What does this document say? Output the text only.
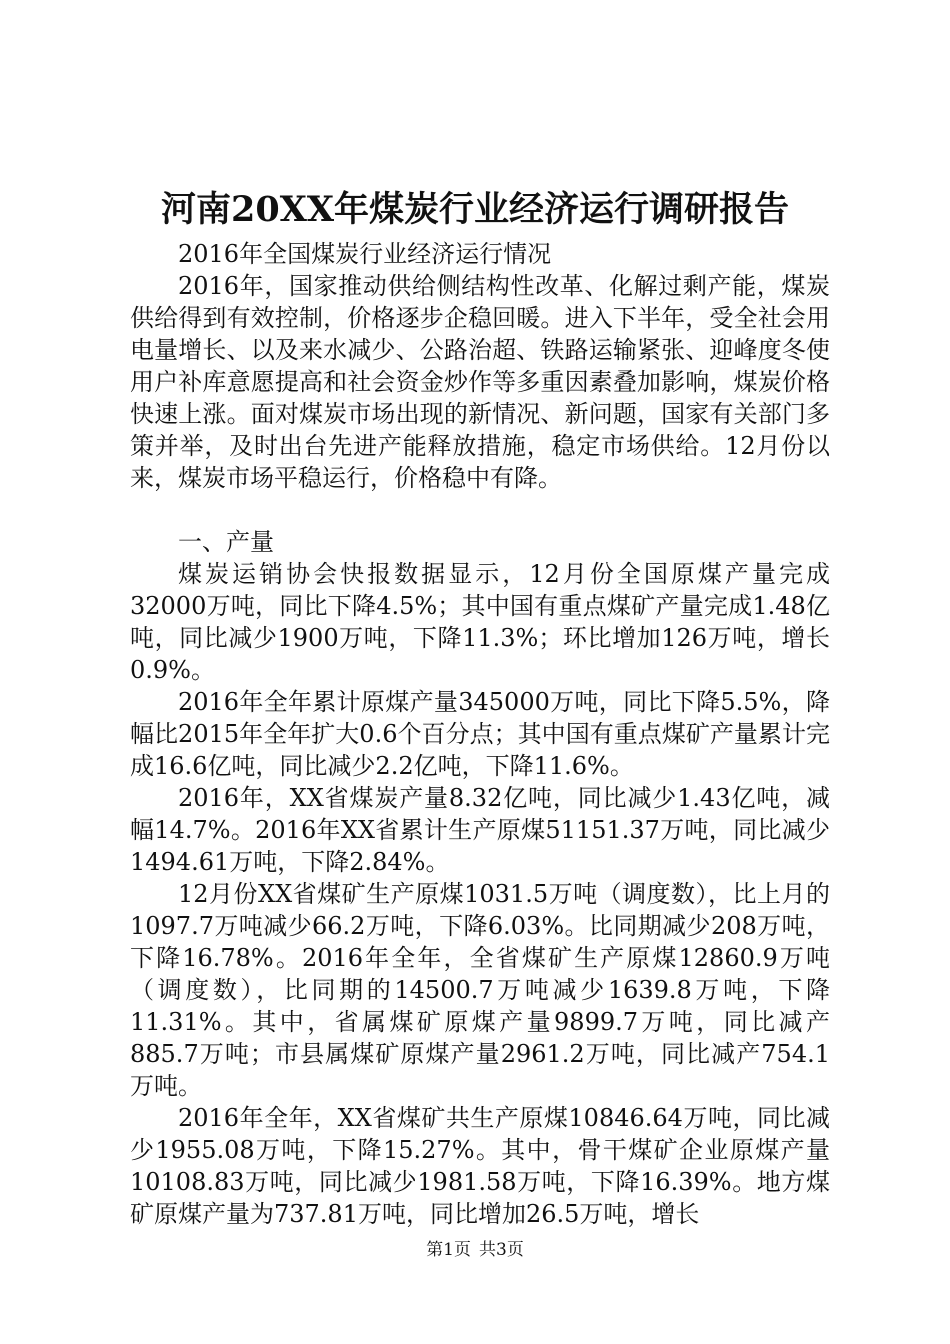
河南20XX年煤炭行业经济运行调研报告

2016年全国煤炭行业经济运行情况

2016年，国家推动供给侧结构性改革、化解过剩产能，煤炭供给得到有效控制，价格逐步企稳回暖。进入下半年，受全社会用电量增长、以及来水减少、公路治超、铁路运输紧张、迎峰度冬使用户补库意愿提高和社会资金炒作等多重因素叠加影响，煤炭价格快速上涨。面对煤炭市场出现的新情况、新问题，国家有关部门多策并举，及时出台先进产能释放措施，稳定市场供给。12月份以来，煤炭市场平稳运行，价格稳中有降。

一、产量

煤炭运销协会快报数据显示，12月份全国原煤产量完成32000万吨，同比下降4.5%；其中国有重点煤矿产量完成1.48亿吨，同比减少1900万吨，下降11.3%；环比增加126万吨，增长0.9%。

2016年全年累计原煤产量345000万吨，同比下降5.5%，降幅比2015年全年扩大0.6个百分点；其中国有重点煤矿产量累计完成16.6亿吨，同比减少2.2亿吨，下降11.6%。

2016年，XX省煤炭产量8.32亿吨，同比减少1.43亿吨，减幅14.7%。2016年XX省累计生产原煤51151.37万吨，同比减少1494.61万吨，下降2.84%。

12月份XX省煤矿生产原煤1031.5万吨（调度数），比上月的1097.7万吨减少66.2万吨，下降6.03%。比同期减少208万吨，下降16.78%。2016年全年，全省煤矿生产原煤12860.9万吨（调度数），比同期的14500.7万吨减少1639.8万吨，下降11.31%。其中，省属煤矿原煤产量9899.7万吨，同比减产885.7万吨；市县属煤矿原煤产量2961.2万吨，同比减产754.1万吨。

2016年全年，XX省煤矿共生产原煤10846.64万吨，同比减少1955.08万吨，下降15.27%。其中，骨干煤矿企业原煤产量10108.83万吨，同比减少1981.58万吨，下降16.39%。地方煤矿原煤产量为737.81万吨，同比增加26.5万吨，增长

第1页 共3页
